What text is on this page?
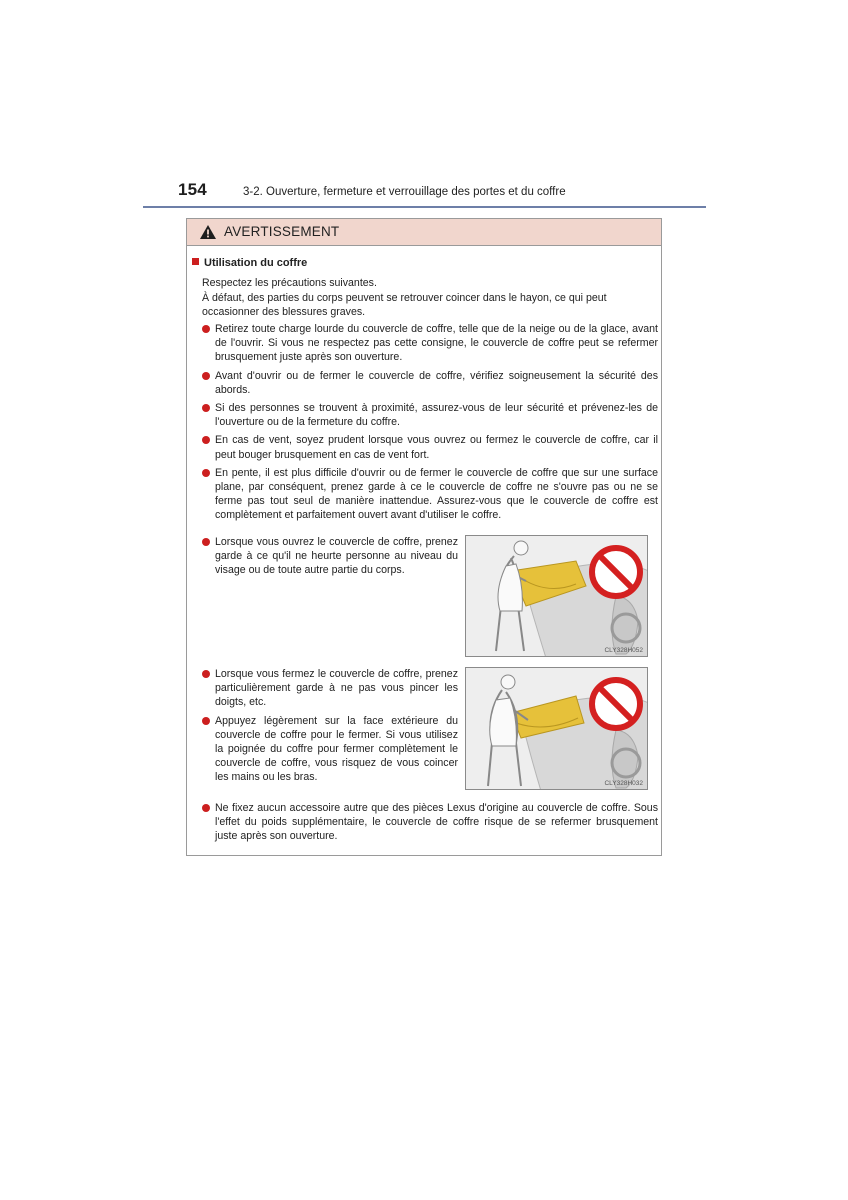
154	3-2. Ouverture, fermeture et verrouillage des portes et du coffre
AVERTISSEMENT
Utilisation du coffre

Respectez les précautions suivantes.

À défaut, des parties du corps peuvent se retrouver coincer dans le hayon, ce qui peut occasionner des blessures graves.

Retirez toute charge lourde du couvercle de coffre, telle que de la neige ou de la glace, avant de l'ouvrir. Si vous ne respectez pas cette consigne, le couvercle de coffre peut se refermer brusquement juste après son ouverture.
Avant d'ouvrir ou de fermer le couvercle de coffre, vérifiez soigneusement la sécurité des abords.
Si des personnes se trouvent à proximité, assurez-vous de leur sécurité et prévenez-les de l'ouverture ou de la fermeture du coffre.
En cas de vent, soyez prudent lorsque vous ouvrez ou fermez le couvercle de coffre, car il peut bouger brusquement en cas de vent fort.
En pente, il est plus difficile d'ouvrir ou de fermer le couvercle de coffre que sur une surface plane, par conséquent, prenez garde à ce le couvercle de coffre ne s'ouvre pas ou ne se ferme pas tout seul de manière inattendue. Assurez-vous que le couvercle de coffre est complètement et parfaitement ouvert avant d'utiliser le coffre.
Lorsque vous ouvrez le couvercle de coffre, prenez garde à ce qu'il ne heurte personne au niveau du visage ou de toute autre partie du corps.
CLY328H052
Lorsque vous fermez le couvercle de coffre, prenez particulièrement garde à ne pas vous pincer les doigts, etc.
Appuyez légèrement sur la face extérieure du couvercle de coffre pour le fermer. Si vous utilisez la poignée du coffre pour fermer complètement le couvercle de coffre, vous risquez de vous coincer les mains ou les bras.
CLY328H032
Ne fixez aucun accessoire autre que des pièces Lexus d'origine au couvercle de coffre. Sous l'effet du poids supplémentaire, le couvercle de coffre risque de se refermer brusquement juste après son ouverture.
